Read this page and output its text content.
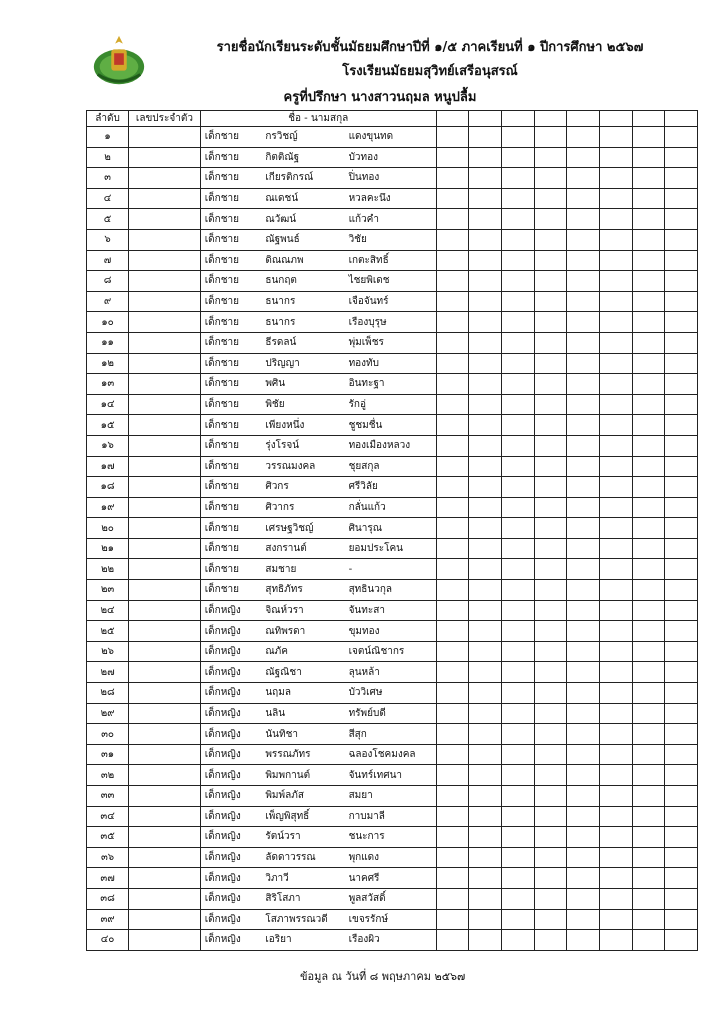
รายชื่อนักเรียนระดับชั้นมัธยมศึกษาปีที่ ๑/๕ ภาคเรียนที่ ๑ ปีการศึกษา ๒๕๖๗
โรงเรียนมัธยมสุวิทย์เสรีอนุสรณ์
ครูที่ปรึกษา นางสาวนฤมล หนูปลื้ม
ลำดับ	เลขประจำตัว	ชื่อ - นามสกุล										
๑		เด็กชาย	กรวิชญ์	แดงขุนทด								
๒		เด็กชาย	กิตติณัฐ	บัวทอง								
๓		เด็กชาย	เกียรติกรณ์	ปิ่นทอง								
๔		เด็กชาย	ณเดชน์	หวลคะนึง								
๕		เด็กชาย	ณวัฒน์	แก้วคำ								
๖		เด็กชาย	ณัฐพนธ์	วิชัย								
๗		เด็กชาย	ดิณณภพ	เกตะสิทธิ์								
๘		เด็กชาย	ธนกฤต	ไชยพิเดช								
๙		เด็กชาย	ธนากร	เจือจันทร์								
๑๐		เด็กชาย	ธนากร	เรืองบุรุษ								
๑๑		เด็กชาย	ธีรดลน์	พุ่มเพ็ชร								
๑๒		เด็กชาย	ปริญญา	ทองทับ								
๑๓		เด็กชาย	พศิน	อินทะฐา								
๑๔		เด็กชาย	พิชัย	รักอู่								
๑๕		เด็กชาย	เพียงหนึ่ง	ชูชมชื่น								
๑๖		เด็กชาย	รุ่งโรจน์	ทองเมืองหลวง								
๑๗		เด็กชาย	วรรณมงคล	ชุยสกุล								
๑๘		เด็กชาย	ศิวกร	ศรีวิลัย								
๑๙		เด็กชาย	ศิวากร	กลั่นแก้ว								
๒๐		เด็กชาย	เศรษฐวิชญ์	ศินารุณ								
๒๑		เด็กชาย	สงกรานต์	ยอมประโคน								
๒๒		เด็กชาย	สมชาย	-								
๒๓		เด็กชาย	สุทธิภัทร	สุทธินวกุล								
๒๔		เด็กหญิง	จิณห์วรา	จันทะสา								
๒๕		เด็กหญิง	ณทิพรดา	ขุมทอง								
๒๖		เด็กหญิง	ณภัค	เจตน์ณิชากร								
๒๗		เด็กหญิง	ณัฐณิชา	ลุนหล้า								
๒๘		เด็กหญิง	นฤมล	บัววิเศษ								
๒๙		เด็กหญิง	นลิน	ทรัพย์บดี								
๓๐		เด็กหญิง	นันทิชา	สีสุก								
๓๑		เด็กหญิง	พรรณภัทร	ฉลองโชคมงคล								
๓๒		เด็กหญิง	พิมพกานต์	จันทร์เทศนา								
๓๓		เด็กหญิง	พิมพ์ลภัส	สมยา								
๓๔		เด็กหญิง	เพ็ญพิสุทธิ์	กาบมาลี								
๓๕		เด็กหญิง	รัตน์วรา	ชนะการ								
๓๖		เด็กหญิง	ลัดดาวรรณ	พุกแดง								
๓๗		เด็กหญิง	วิภาวี	นาคศรี								
๓๘		เด็กหญิง	สิริโสภา	พูลสวัสดิ์								
๓๙		เด็กหญิง	โสภาพรรณวดี	เขจรรักษ์								
๔๐		เด็กหญิง	เอริยา	เรืองผิว								
ข้อมูล ณ วันที่ ๘ พฤษภาคม ๒๕๖๗
